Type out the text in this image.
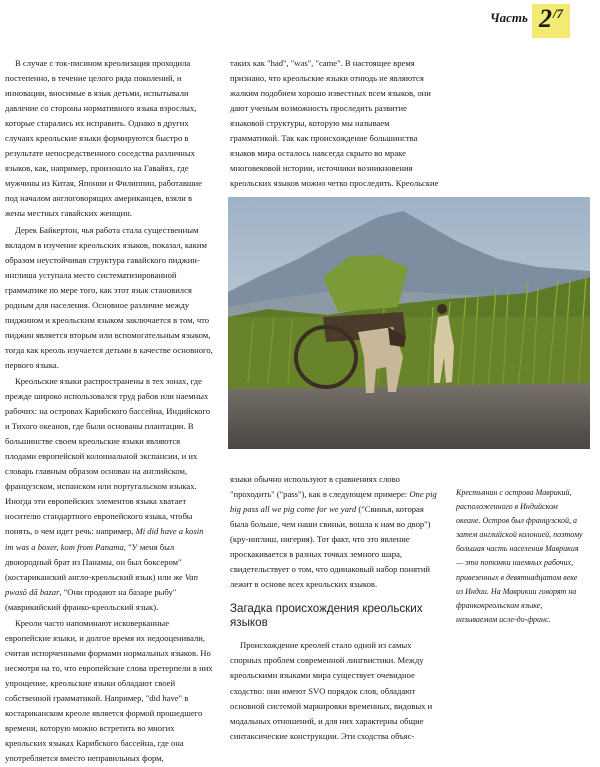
Часть 2 /7

В случае с ток-писином креолизация проходила постепенно, в течение целого ряда поколений, и инновации, вносимые в язык детьми, испытывали давление со стороны нормативного языка взрослых, которые старались их исправить. Однако в других случаях креольские языки формируются быстро в результате непосредственного соседства различных языков, как, например, произошло на Гавайях, где мужчины из Китая, Японии и Филиппин, работавшие под началом англоговорящих американцев, взяли в жены местных гавайских женщин.

Дерек Байкертон, чья работа стала существенным вкладом в изучение креольских языков, показал, каким образом неустойчивая структура гавайского пиджин-инглиша уступала место систематизированной грамматике по мере того, как этот язык становился родным для населения. Основное различие между пиджином и креольским языком заключается в том, что пиджин является вторым или вспомогательным языком, тогда как креоль изучается детьми в качестве основного, первого языка.

Креольские языки распространены в тех зонах, где прежде широко использовался труд рабов или наемных рабочих: на островах Карибского бассейна, Индийского и Тихого океанов, где были основаны плантации. В большинстве своем креольские языки являются плодами европейской колониальной экспансии, и их словарь главным образом основан на английском, французском, испанском или португальском языках. Иногда эти европейских элементов языка хватает носителю стандартного европейского языка, чтобы понять, о чем идет речь: например, Mi did have a kosin im was a boxer, kom from Panama, "У меня был двоюродный брат из Панамы, он был боксером" (костариканский англо-креольский язык) или же Van pwasõ dã bazar, "Они продают на базаре рыбу" (маврикийский франко-креольский язык).

Креоли часто напоминают исковерканные европейские языки, и долгое время их недооценивали, считая испорченными формами нормальных языков. Но несмотря на то, что европейские слова претерпели в них упрощение, креольские языки обладают своей собственной грамматикой. Например, "did have" в костариканском креоле является формой прошедшего времени, которую можно встретить во многих креольских языках Карибского бассейна, где она употребляется вместо неправильных форм,

таких как "had", "was", "came". В настоящее время признано, что креольские языки отнюдь не являются жалким подобием хорошо известных всем языков, они дают ученым возможность проследить развитие языковой структуры, которую мы называем грамматикой. Так как происхождение большинства языков мира осталось навсегда скрыто во мраке многовековой истории, источники возникновения креольских языков можно четко проследить. Креольские

языки обычно используют в сравнениях слово "проходить" ("pass"), как в следующем примере: One pig big pass all we pig come for we yard ("Свинья, которая была больше, чем наши свиньи, вошла к нам во двор") (кру-инглиш, нигерия). Тот факт, что это явление проскакивается в разных точках земного шара, свидетельствует о том, что одинаковый набор понятий лежит в основе всех креольских языков.

Загадка происхождения креольских языков

Происхождение креолей стало одной из самых спорных проблем современной лингвистики. Между креольскими языками мира существует очевидное сходство: они имеют SVO порядок слов, обладают основной системой маркировки временных, видовых и модальных отношений, и для них характерны общие синтаксические конструкции. Эти сходства объяс-

Крестьянин с острова Маврикий, расположенного в Индийском океане. Остров был французской, а затем английской колонией, поэтому большая часть населения Маврикия — это потомки наемных рабочих, привезенных в девятнадцатом веке из Индии. На Маврикии говорят на франкокреольском языке, называемом исле-до-франс.
